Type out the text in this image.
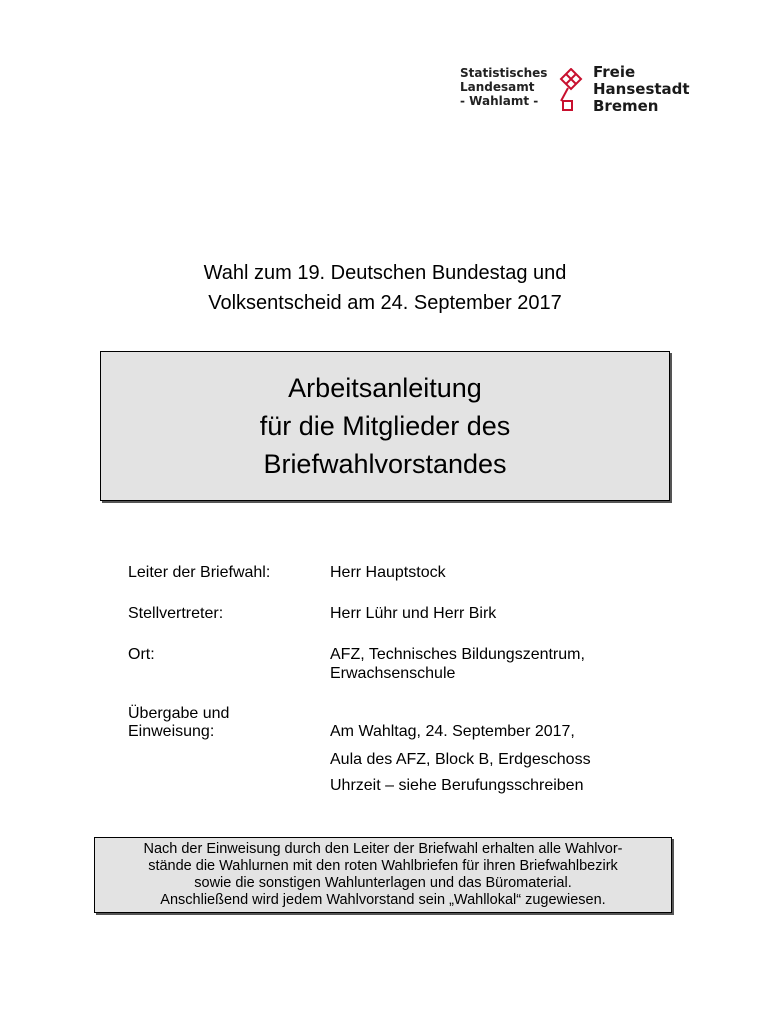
Statistisches
Landesamt
- Wahlamt -
Freie
Hansestadt
Bremen
Wahl zum 19. Deutschen Bundestag und
Volksentscheid am 24. September 2017
Arbeitsanleitung
für die Mitglieder des
Briefwahlvorstandes
Leiter der Briefwahl:	Herr Hauptstock
Stellvertreter:	Herr Lühr und Herr Birk
Ort:	AFZ, Technisches Bildungszentrum,
Erwachsenschule
Übergabe und
Einweisung:	Am Wahltag, 24. September 2017,
Aula des AFZ, Block B, Erdgeschoss
Uhrzeit – siehe Berufungsschreiben
Nach der Einweisung durch den Leiter der Briefwahl erhalten alle Wahlvor-
stände die Wahlurnen mit den roten Wahlbriefen für ihren Briefwahlbezirk
sowie die sonstigen Wahlunterlagen und das Büromaterial.
Anschließend wird jedem Wahlvorstand sein „Wahllokal“ zugewiesen.
